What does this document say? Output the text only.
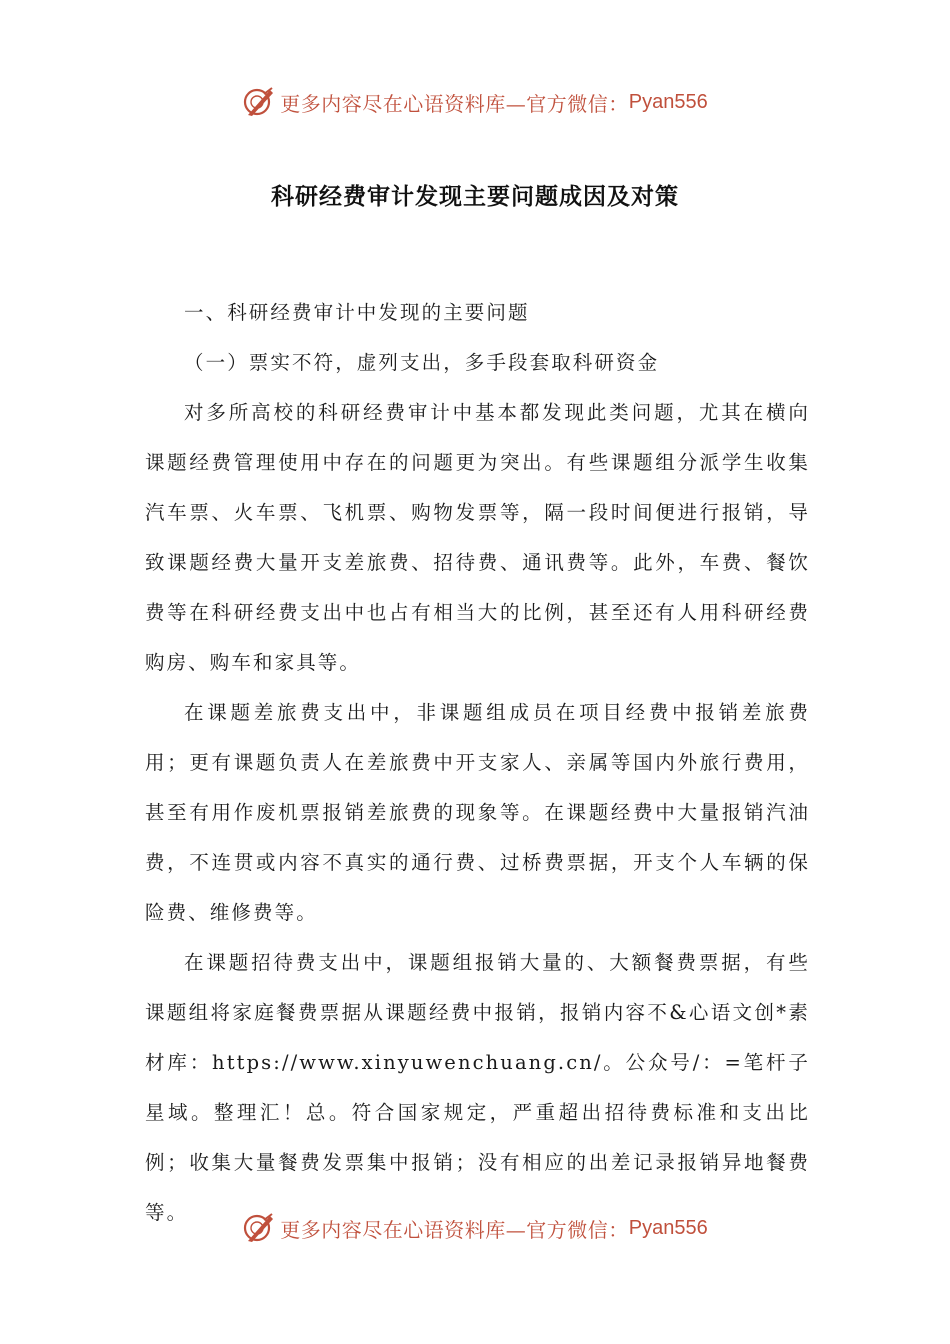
更多内容尽在心语资料库—官方微信： Pyan556
科研经费审计发现主要问题成因及对策

一、科研经费审计中发现的主要问题

（一）票实不符，虚列支出，多手段套取科研资金

对多所高校的科研经费审计中基本都发现此类问题，尤其在横向课题经费管理使用中存在的问题更为突出。有些课题组分派学生收集汽车票、火车票、飞机票、购物发票等，隔一段时间便进行报销，导致课题经费大量开支差旅费、招待费、通讯费等。此外，车费、餐饮费等在科研经费支出中也占有相当大的比例，甚至还有人用科研经费购房、购车和家具等。

在课题差旅费支出中，非课题组成员在项目经费中报销差旅费用；更有课题负责人在差旅费中开支家人、亲属等国内外旅行费用，甚至有用作废机票报销差旅费的现象等。在课题经费中大量报销汽油费，不连贯或内容不真实的通行费、过桥费票据，开支个人车辆的保险费、维修费等。

在课题招待费支出中，课题组报销大量的、大额餐费票据，有些课题组将家庭餐费票据从课题经费中报销，报销内容不&心语文创*素材库：https://www.xinyuwenchuang.cn/。公众号/：=笔杆子星域。整理汇！总。符合国家规定，严重超出招待费标准和支出比例；收集大量餐费发票集中报销；没有相应的出差记录报销异地餐费等。

更多内容尽在心语资料库—官方微信： Pyan556
